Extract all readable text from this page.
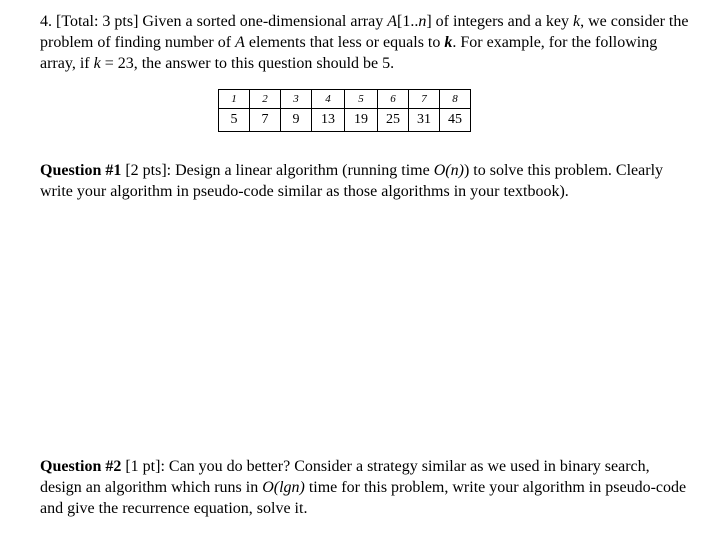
4. [Total: 3 pts] Given a sorted one-dimensional array A[1..n] of integers and a key k, we consider the problem of finding number of A elements that less or equals to k. For example, for the following array, if k = 23, the answer to this question should be 5.
1	2	3	4	5	6	7	8
5	7	9	13	19	25	31	45
Question #1 [2 pts]: Design a linear algorithm (running time O(n)) to solve this problem. Clearly write your algorithm in pseudo-code similar as those algorithms in your textbook).
Question #2 [1 pt]: Can you do better? Consider a strategy similar as we used in binary search, design an algorithm which runs in O(lgn) time for this problem, write your algorithm in pseudo-code and give the recurrence equation, solve it.
